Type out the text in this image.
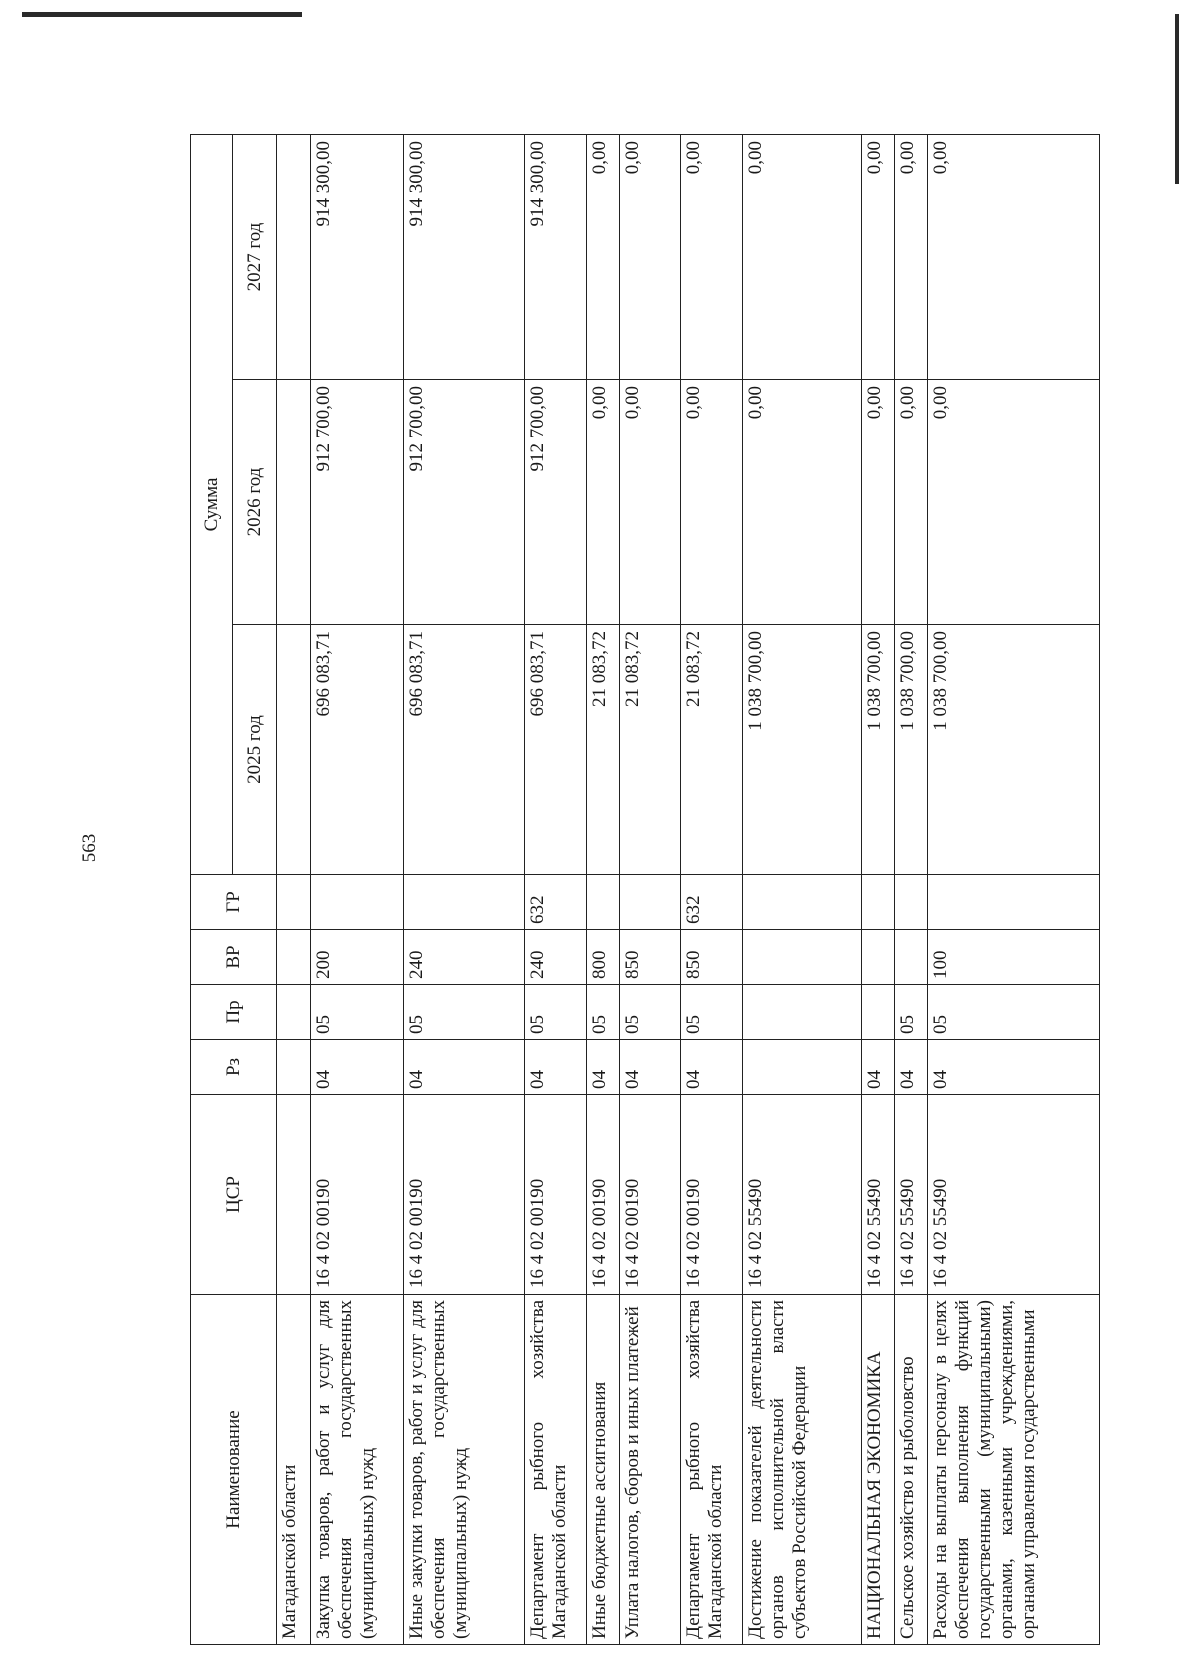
563
Наименование	ЦСР	Рз	Пр	ВР	ГР	Сумма		
						2025 год	2026 год	2027 год
Магаданской области								
Закупка товаров, работ и услуг для обеспечения государственных (муниципальных) нужд	16 4 02 00190	04	05	200		696 083,71	912 700,00	914 300,00
Иные закупки товаров, работ и услуг для обеспечения государственных (муниципальных) нужд	16 4 02 00190	04	05	240		696 083,71	912 700,00	914 300,00
Департамент рыбного хозяйства Магаданской области	16 4 02 00190	04	05	240	632	696 083,71	912 700,00	914 300,00
Иные бюджетные ассигнования	16 4 02 00190	04	05	800		21 083,72	0,00	0,00
Уплата налогов, сборов и иных платежей	16 4 02 00190	04	05	850		21 083,72	0,00	0,00
Департамент рыбного хозяйства Магаданской области	16 4 02 00190	04	05	850	632	21 083,72	0,00	0,00
Достижение показателей деятельности органов исполнительной власти субъектов Российской Федерации	16 4 02 55490					1 038 700,00	0,00	0,00
НАЦИОНАЛЬНАЯ ЭКОНОМИКА	16 4 02 55490	04				1 038 700,00	0,00	0,00
Сельское хозяйство и рыболовство	16 4 02 55490	04	05			1 038 700,00	0,00	0,00
Расходы на выплаты персоналу в целях обеспечения выполнения функций государственными (муниципальными) органами, казенными учреждениями, органами управления государственными	16 4 02 55490	04	05	100		1 038 700,00	0,00	0,00
